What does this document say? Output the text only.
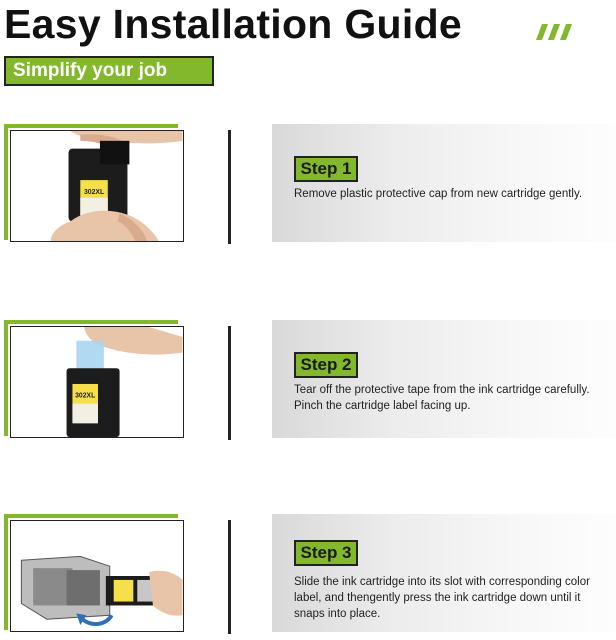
Easy Installation Guide
Simplify your job
302XL
Step 1
Remove plastic protective cap from new cartridge gently.
302XL
Step 2
Tear off the protective tape from the ink cartridge carefully. Pinch the cartridge label facing up.
Step 3
Slide the ink cartridge into its slot with corresponding color label, and thengently press the ink cartridge down until it snaps into place.
